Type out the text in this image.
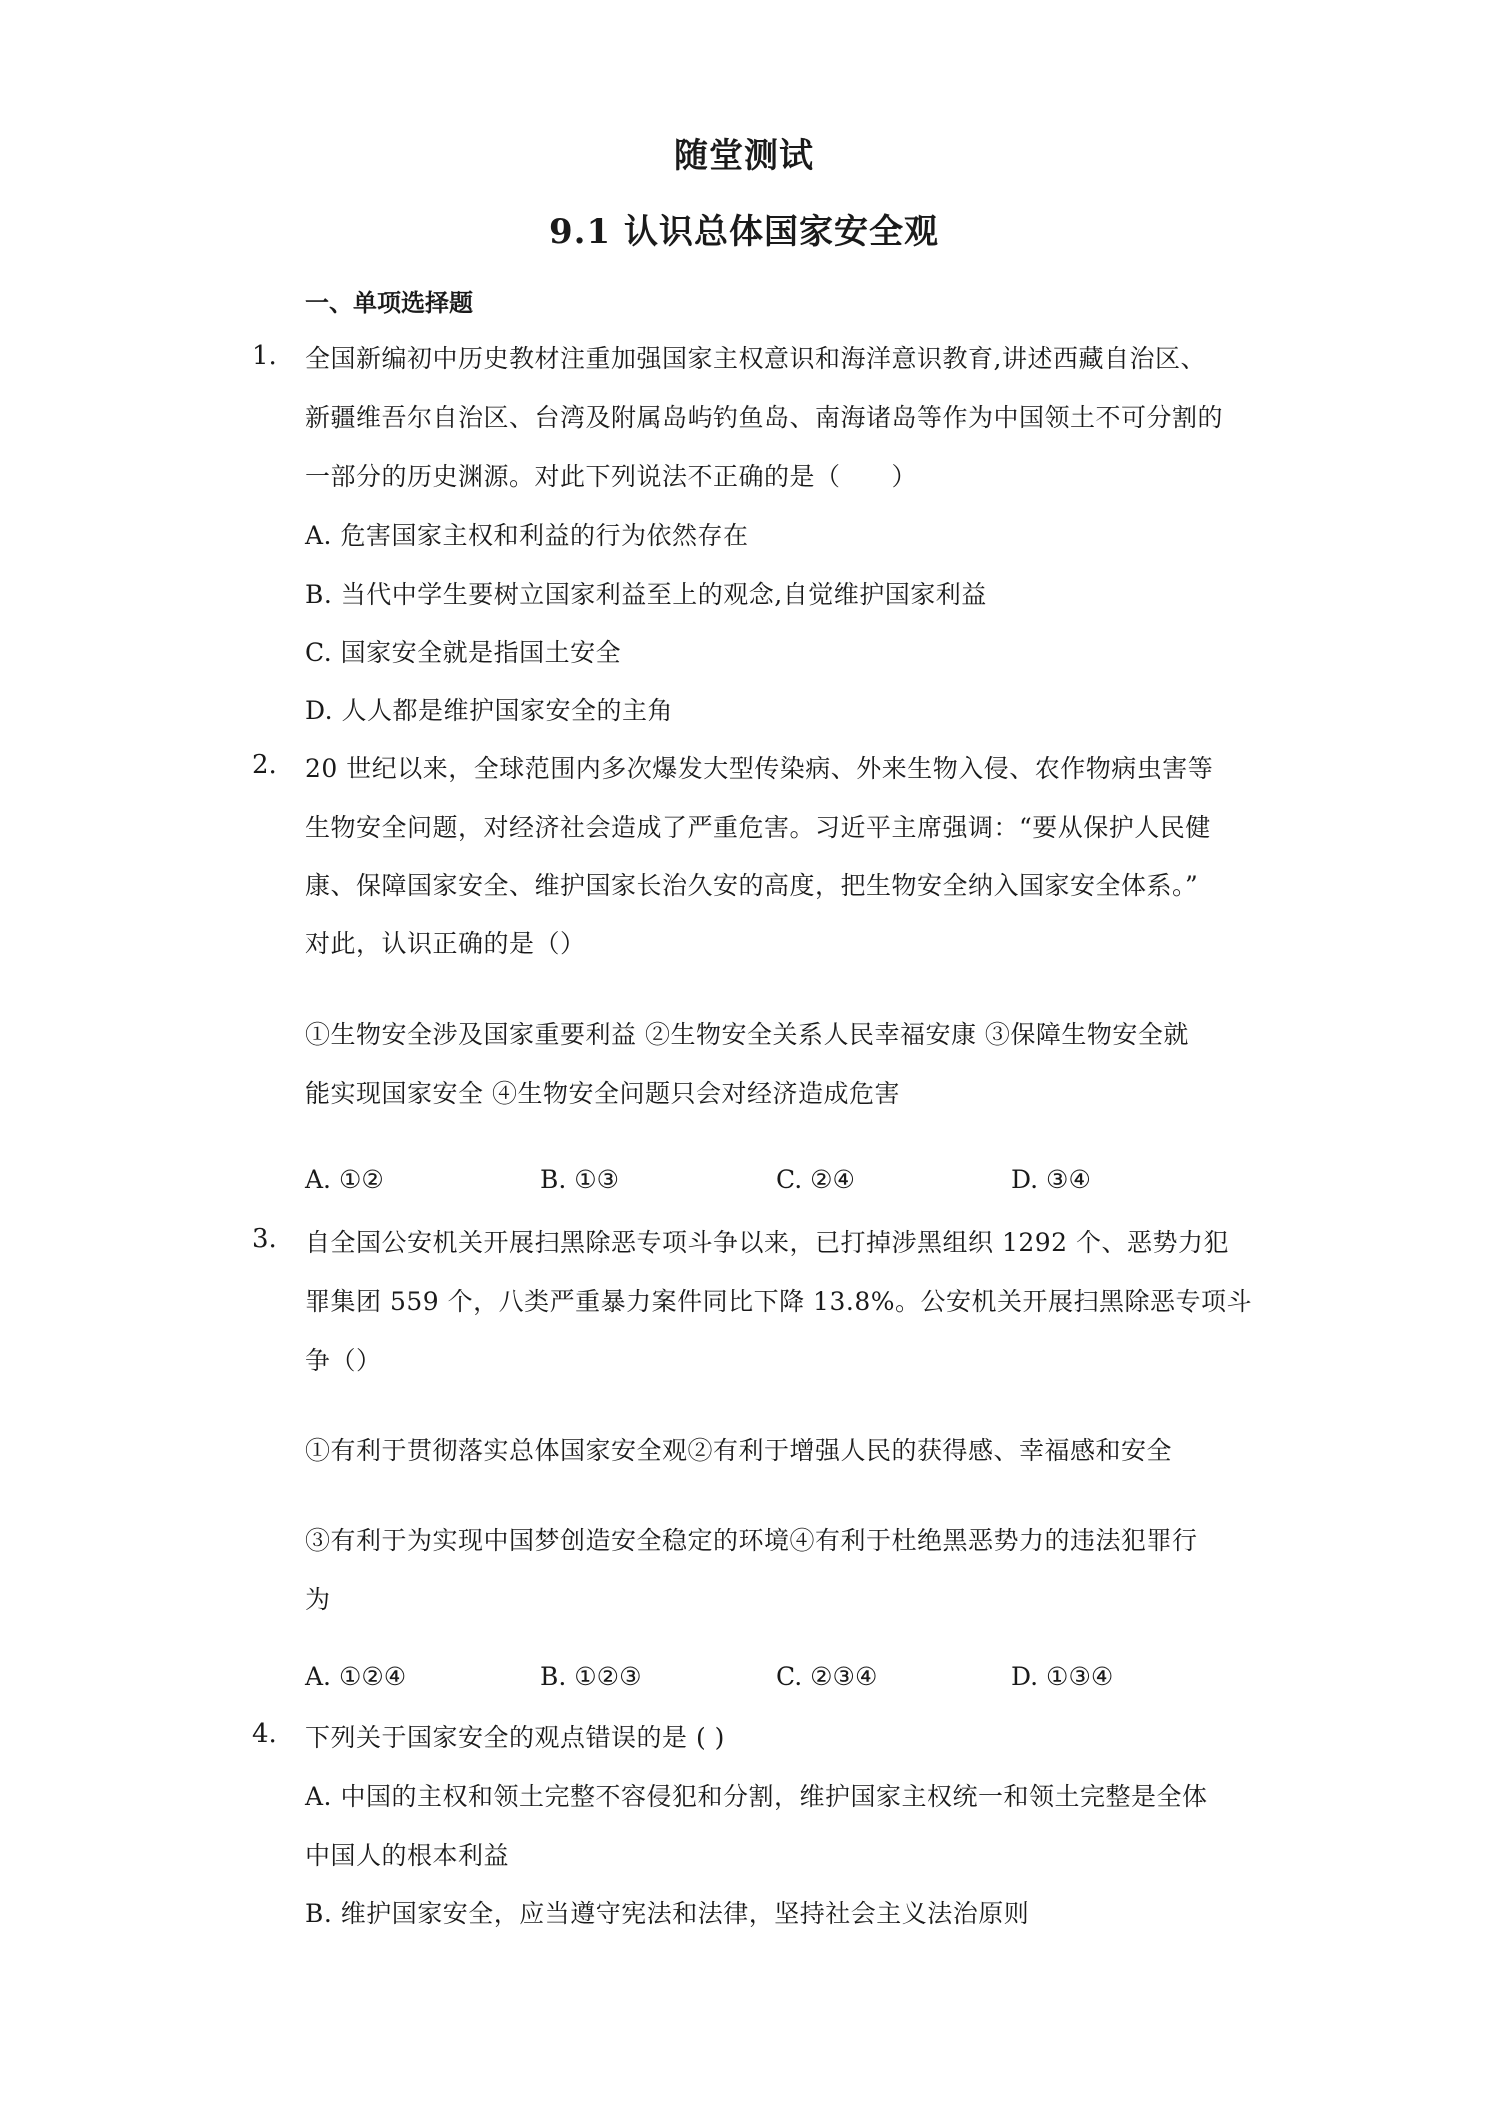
随堂测试
9.1 认识总体国家安全观
一、单项选择题
1. 全国新编初中历史教材注重加强国家主权意识和海洋意识教育,讲述西藏自治区、
新疆维吾尔自治区、台湾及附属岛屿钓鱼岛、南海诸岛等作为中国领土不可分割的
一部分的历史渊源。对此下列说法不正确的是（　　）
A. 危害国家主权和利益的行为依然存在
B. 当代中学生要树立国家利益至上的观念,自觉维护国家利益
C. 国家安全就是指国土安全
D. 人人都是维护国家安全的主角
2. 20 世纪以来，全球范围内多次爆发大型传染病、外来生物入侵、农作物病虫害等
生物安全问题，对经济社会造成了严重危害。习近平主席强调：“要从保护人民健
康、保障国家安全、维护国家长治久安的高度，把生物安全纳入国家安全体系。”
对此，认识正确的是（）
①生物安全涉及国家重要利益 ②生物安全关系人民幸福安康 ③保障生物安全就
能实现国家安全 ④生物安全问题只会对经济造成危害
A. ①②	B. ①③	C. ②④	D. ③④
3. 自全国公安机关开展扫黑除恶专项斗争以来，已打掉涉黑组织 1292 个、恶势力犯
罪集团 559 个，八类严重暴力案件同比下降 13.8%。公安机关开展扫黑除恶专项斗
争（）
①有利于贯彻落实总体国家安全观②有利于增强人民的获得感、幸福感和安全
③有利于为实现中国梦创造安全稳定的环境④有利于杜绝黑恶势力的违法犯罪行
为
A. ①②④	B. ①②③	C. ②③④	D. ①③④
4. 下列关于国家安全的观点错误的是 ( )
A. 中国的主权和领土完整不容侵犯和分割，维护国家主权统一和领土完整是全体
中国人的根本利益
B. 维护国家安全，应当遵守宪法和法律，坚持社会主义法治原则
